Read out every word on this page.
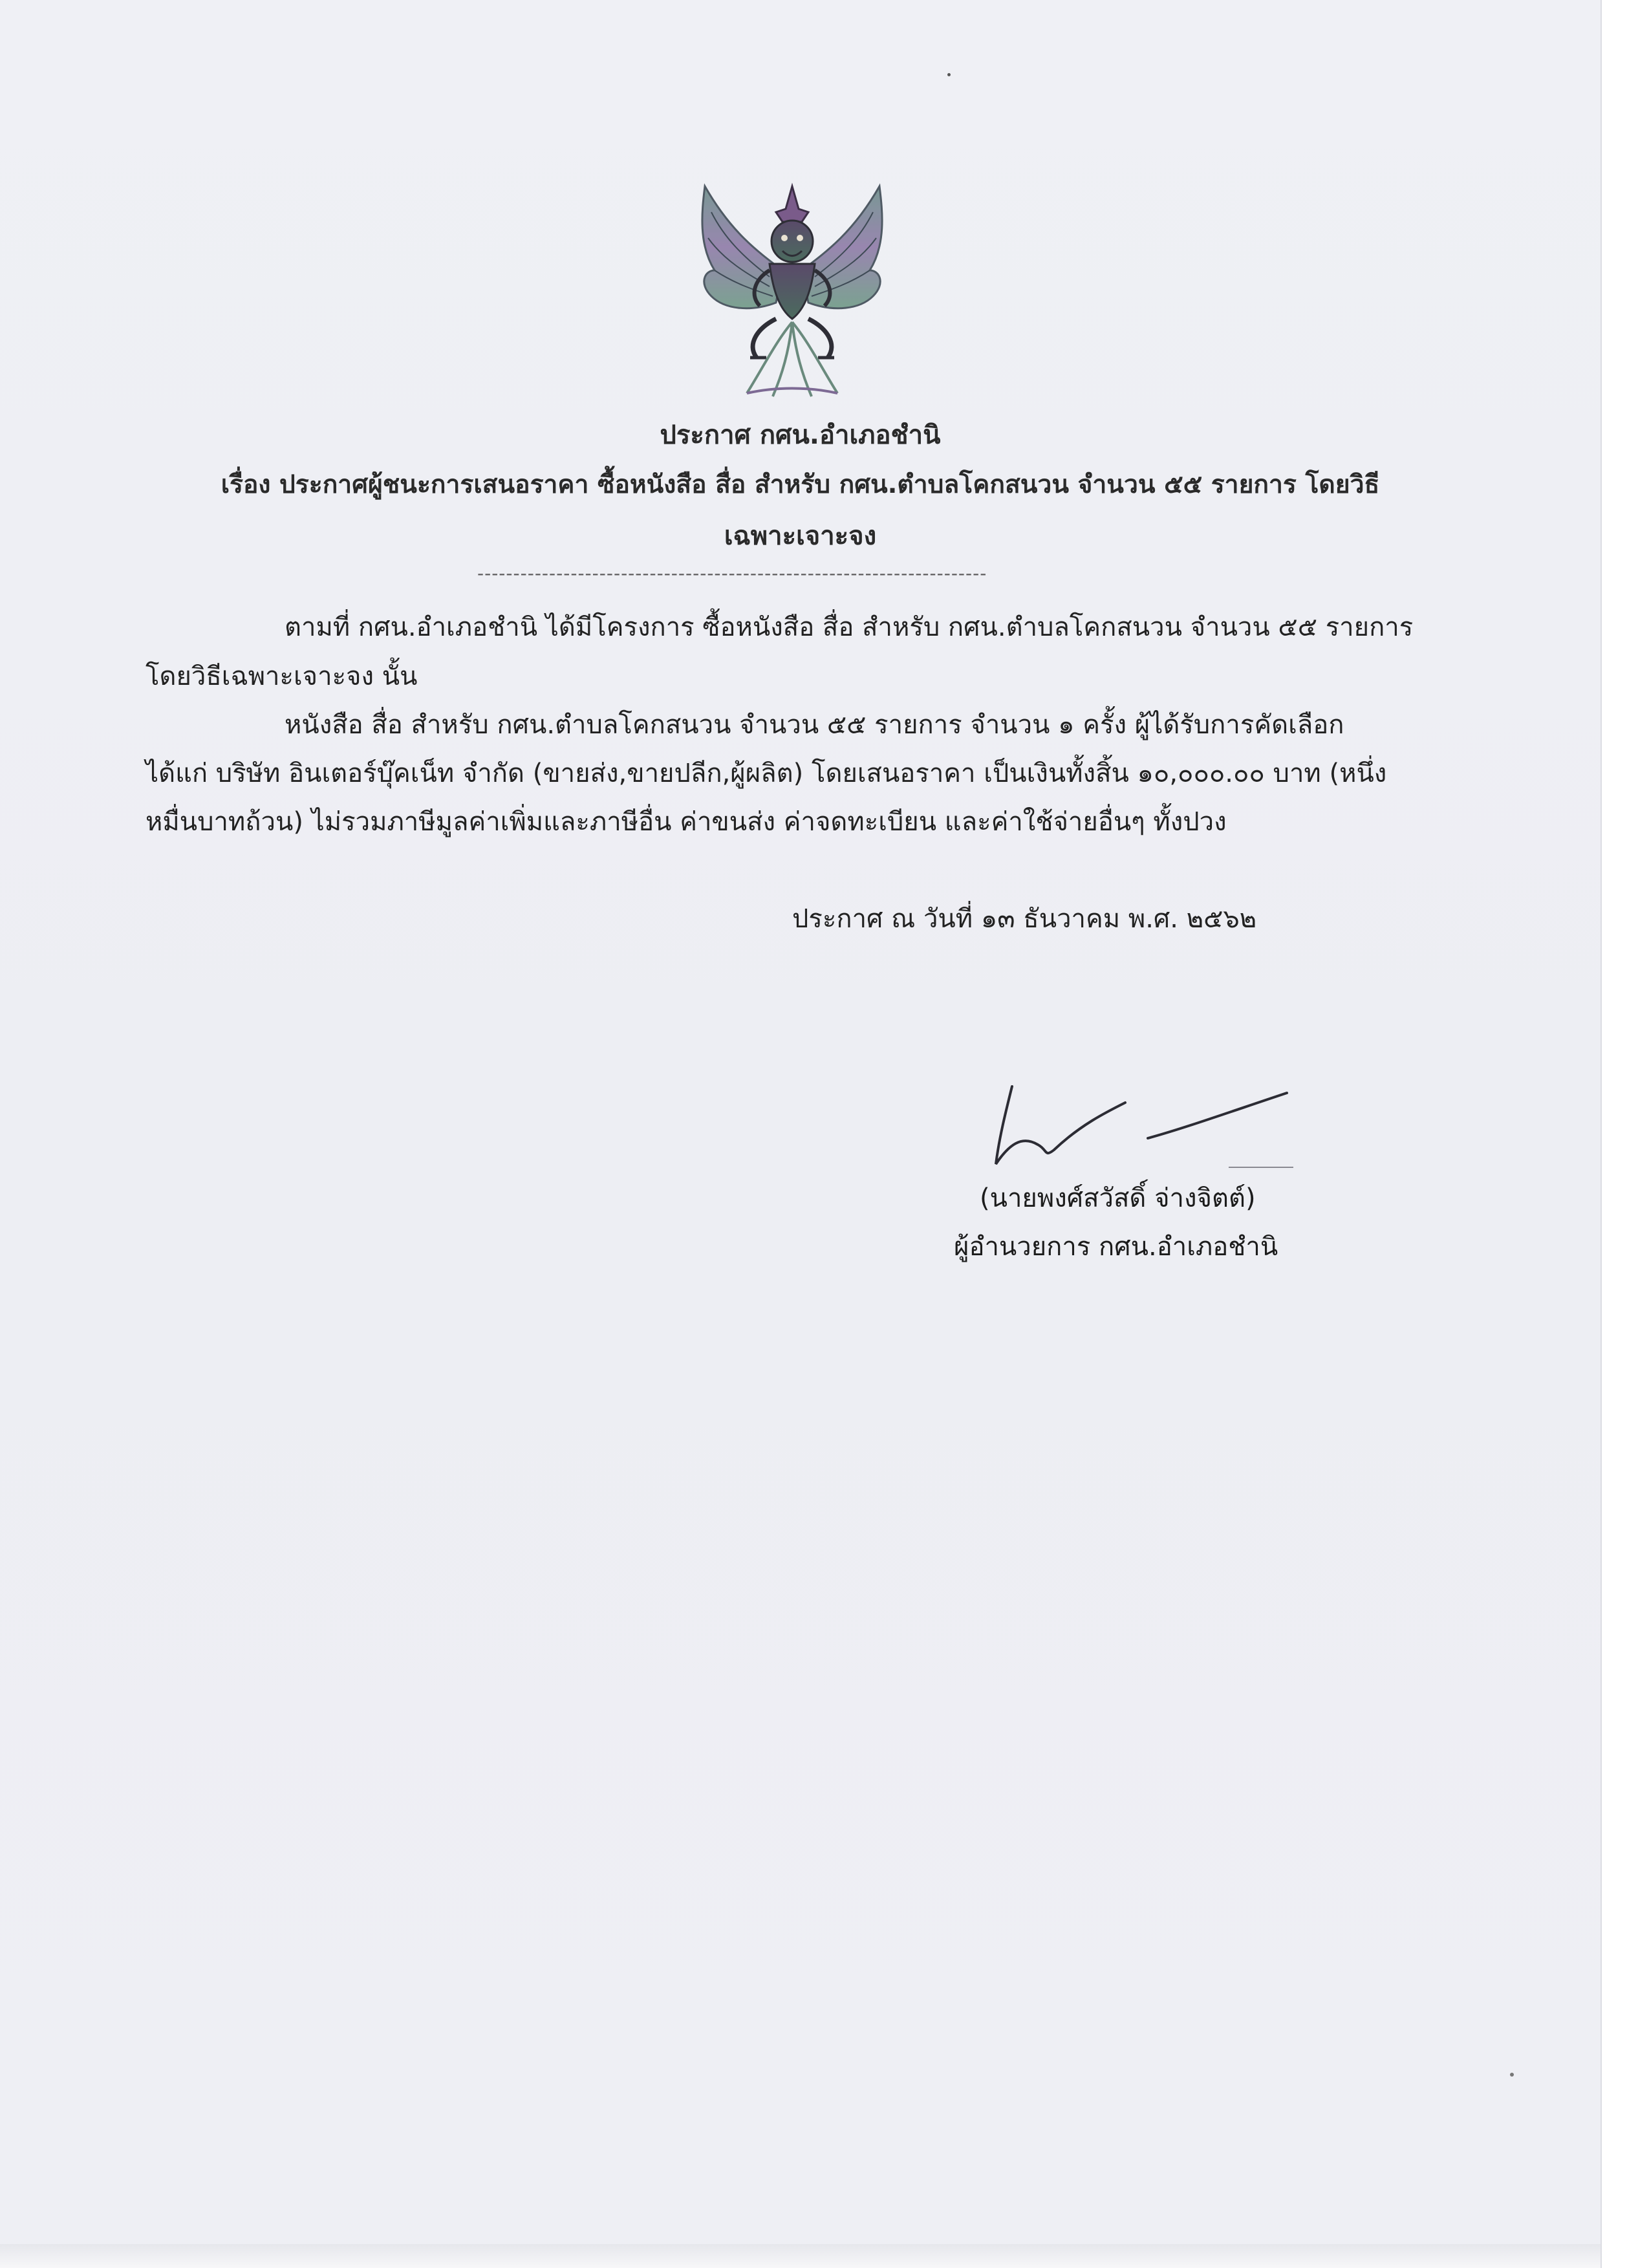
ประกาศ กศน.อำเภอชำนิ
เรื่อง ประกาศผู้ชนะการเสนอราคา ซื้อหนังสือ สื่อ สำหรับ กศน.ตำบลโคกสนวน จำนวน ๕๕ รายการ โดยวิธี
เฉพาะเจาะจง
-----------------------------------------------------------------------
ตามที่ กศน.อำเภอชำนิ ได้มีโครงการ ซื้อหนังสือ สื่อ สำหรับ กศน.ตำบลโคกสนวน จำนวน ๕๕ รายการ
โดยวิธีเฉพาะเจาะจง นั้น
หนังสือ สื่อ สำหรับ กศน.ตำบลโคกสนวน จำนวน ๕๕ รายการ จำนวน ๑ ครั้ง ผู้ได้รับการคัดเลือก
ได้แก่ บริษัท อินเตอร์บุ๊คเน็ท จำกัด (ขายส่ง,ขายปลีก,ผู้ผลิต) โดยเสนอราคา เป็นเงินทั้งสิ้น ๑๐,๐๐๐.๐๐ บาท (หนึ่ง
หมื่นบาทถ้วน) ไม่รวมภาษีมูลค่าเพิ่มและภาษีอื่น ค่าขนส่ง ค่าจดทะเบียน และค่าใช้จ่ายอื่นๆ ทั้งปวง
ประกาศ ณ วันที่ ๑๓ ธันวาคม พ.ศ. ๒๕๖๒
(นายพงศ์สวัสดิ์ จ่างจิตต์)
ผู้อำนวยการ กศน.อำเภอชำนิ
